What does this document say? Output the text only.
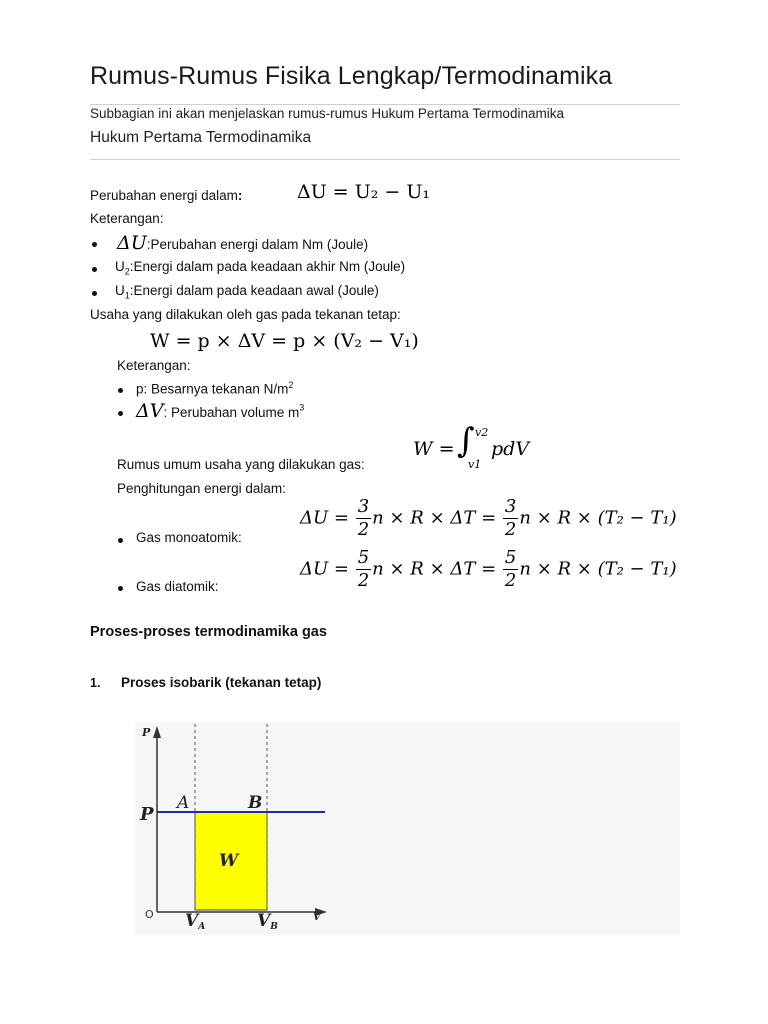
Rumus-Rumus Fisika Lengkap/Termodinamika
Subbagian ini akan menjelaskan rumus-rumus Hukum Pertama Termodinamika
Hukum Pertama Termodinamika
Perubahan energi dalam:	ΔU = U₂ − U₁
Keterangan:
ΔU:Perubahan energi dalam Nm (Joule)
$U_2:Energi$ dalam pada keadaan akhir Nm (Joule)
$U_1:Energi$ dalam pada keadaan awal (Joule)
Usaha yang dilakukan oleh gas pada tekanan tetap:
W = p × ΔV = p × (V₂ − V₁)
Keterangan:
p: Besarnya tekanan $N/m^2$
ΔV: Perubahan volume $m^3$
Rumus umum usaha yang dilakukan gas:
W = ∫ v2
v1
pdV
Penghitungan energi dalam:
Gas monoatomik:
$\Delta U = \frac{3}{2}$ $n \times R \times \Delta T = \frac{3}{2}$ n × R × (T₂ − T₁)
Gas diatomik:
$\Delta U = \frac{5}{2}$ $n \times R \times \Delta T = \frac{5}{2}$ n × R × (T₂ − T₁)
Proses-proses termodinamika gas
1. Proses isobarik (tekanan tetap)
P
V
O
P
A	B
W
VA	VB
